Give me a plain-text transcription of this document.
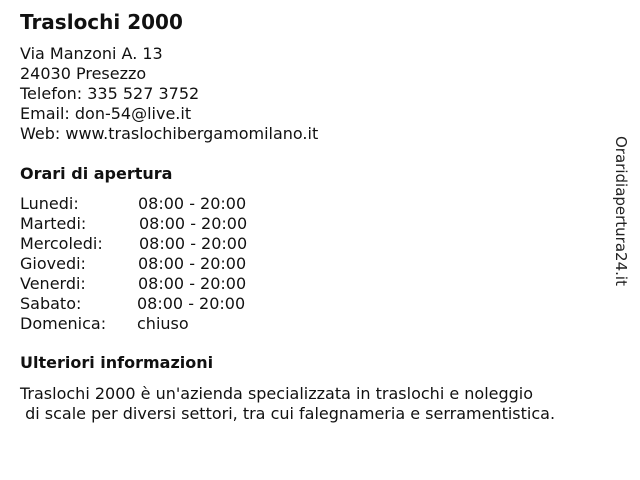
Traslochi 2000
Via Manzoni A. 13
24030 Presezzo
Telefon: 335 527 3752
Email: don-54@live.it
Web: www.traslochibergamomilano.it
Orari di apertura
Lunedi:	08:00 - 20:00
Martedi:	08:00 - 20:00
Mercoledi: 08:00 - 20:00
Giovedi:	08:00 - 20:00
Venerdi:	08:00 - 20:00
Sabato:	08:00 - 20:00
Domenica: chiuso
Ulteriori informazioni
Traslochi 2000 è un'azienda specializzata in traslochi e noleggio
di scale per diversi settori, tra cui falegnameria e serramentistica.
Oraridiapertura24.it
